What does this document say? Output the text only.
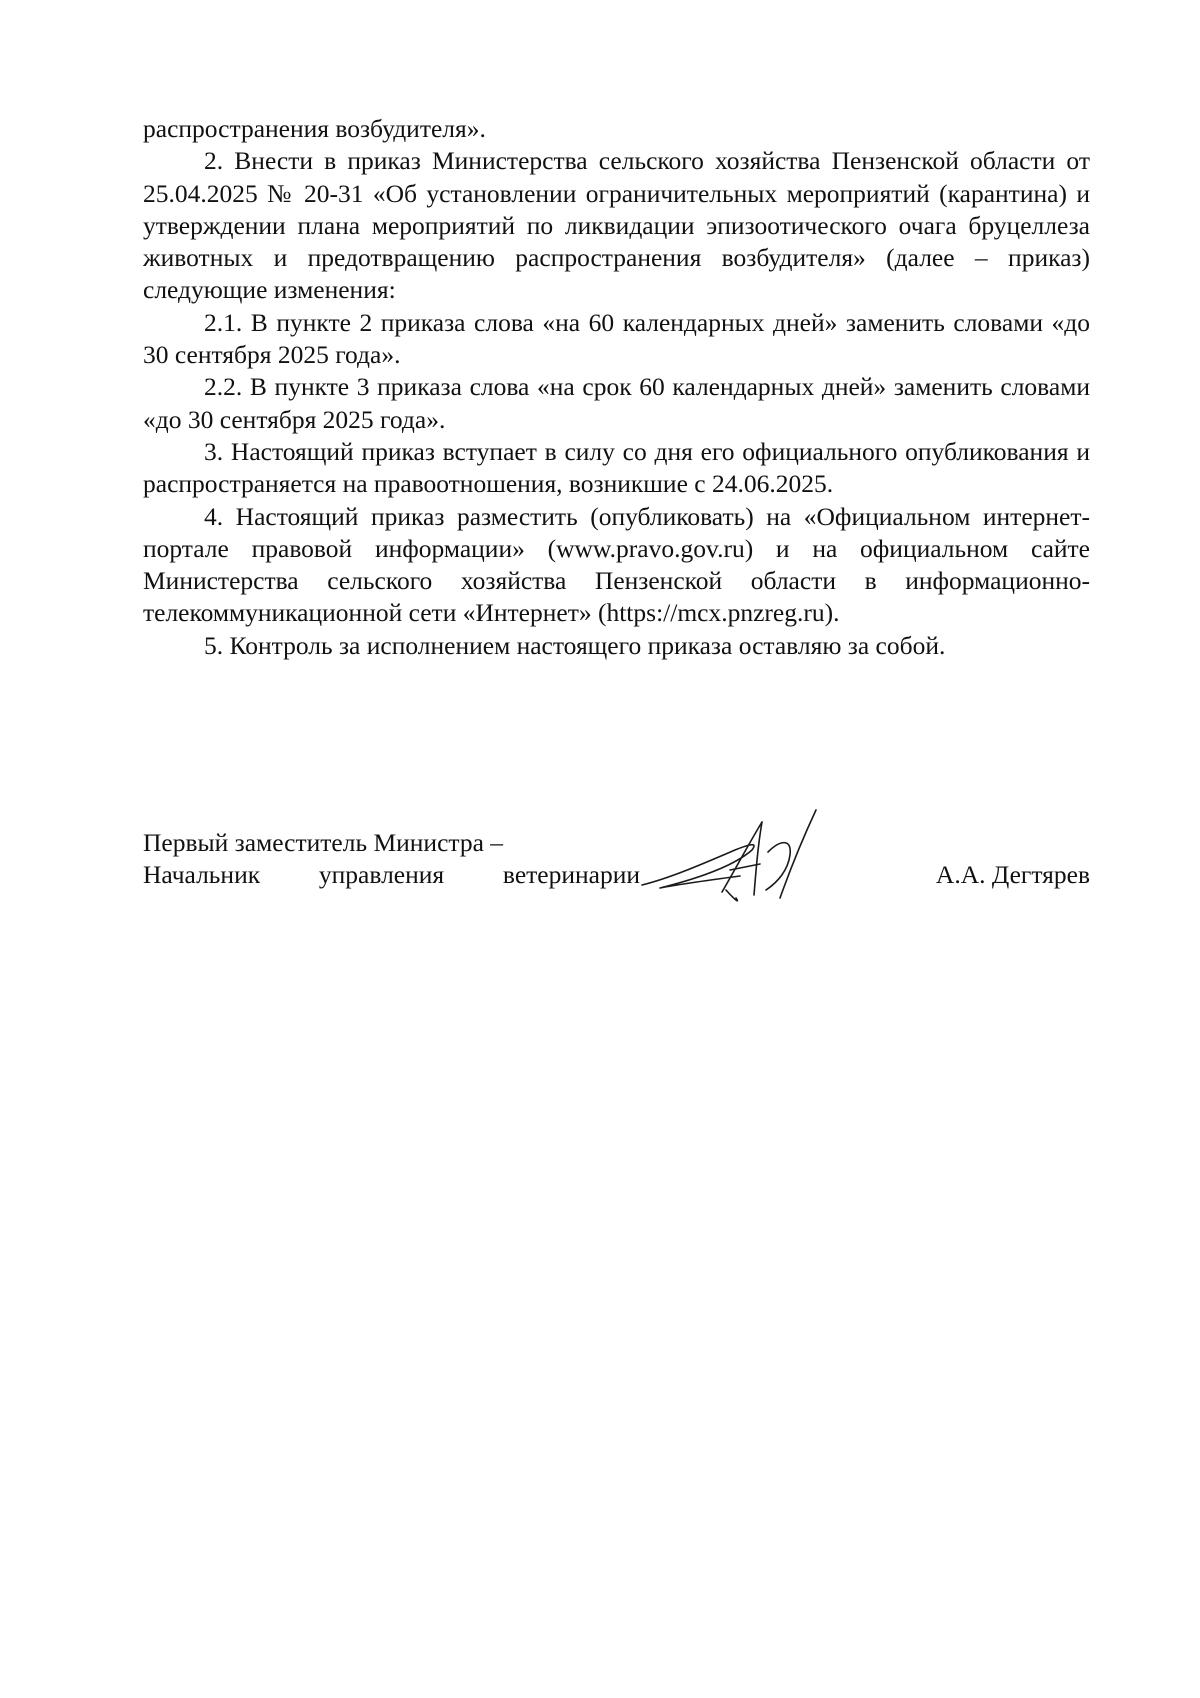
распространения возбудителя».

2. Внести в приказ Министерства сельского хозяйства Пензенской области от 25.04.2025 № 20-31 «Об установлении ограничительных мероприятий (карантина) и утверждении плана мероприятий по ликвидации эпизоотического очага бруцеллеза животных и предотвращению распространения возбудителя» (далее – приказ) следующие изменения:

2.1. В пункте 2 приказа слова «на 60 календарных дней» заменить словами «до 30 сентября 2025 года».

2.2. В пункте 3 приказа слова «на срок 60 календарных дней» заменить словами «до 30 сентября 2025 года».

3. Настоящий приказ вступает в силу со дня его официального опубликования и распространяется на правоотношения, возникшие с 24.06.2025.

4. Настоящий приказ разместить (опубликовать) на «Официальном интернет-портале правовой информации» (www.pravo.gov.ru) и на официальном сайте Министерства сельского хозяйства Пензенской области в информационно-телекоммуникационной сети «Интернет» (https://mcx.pnzreg.ru).

5. Контроль за исполнением настоящего приказа оставляю за собой.

Первый заместитель Министра –
Начальник управления ветеринарии	А.А. Дегтярев
